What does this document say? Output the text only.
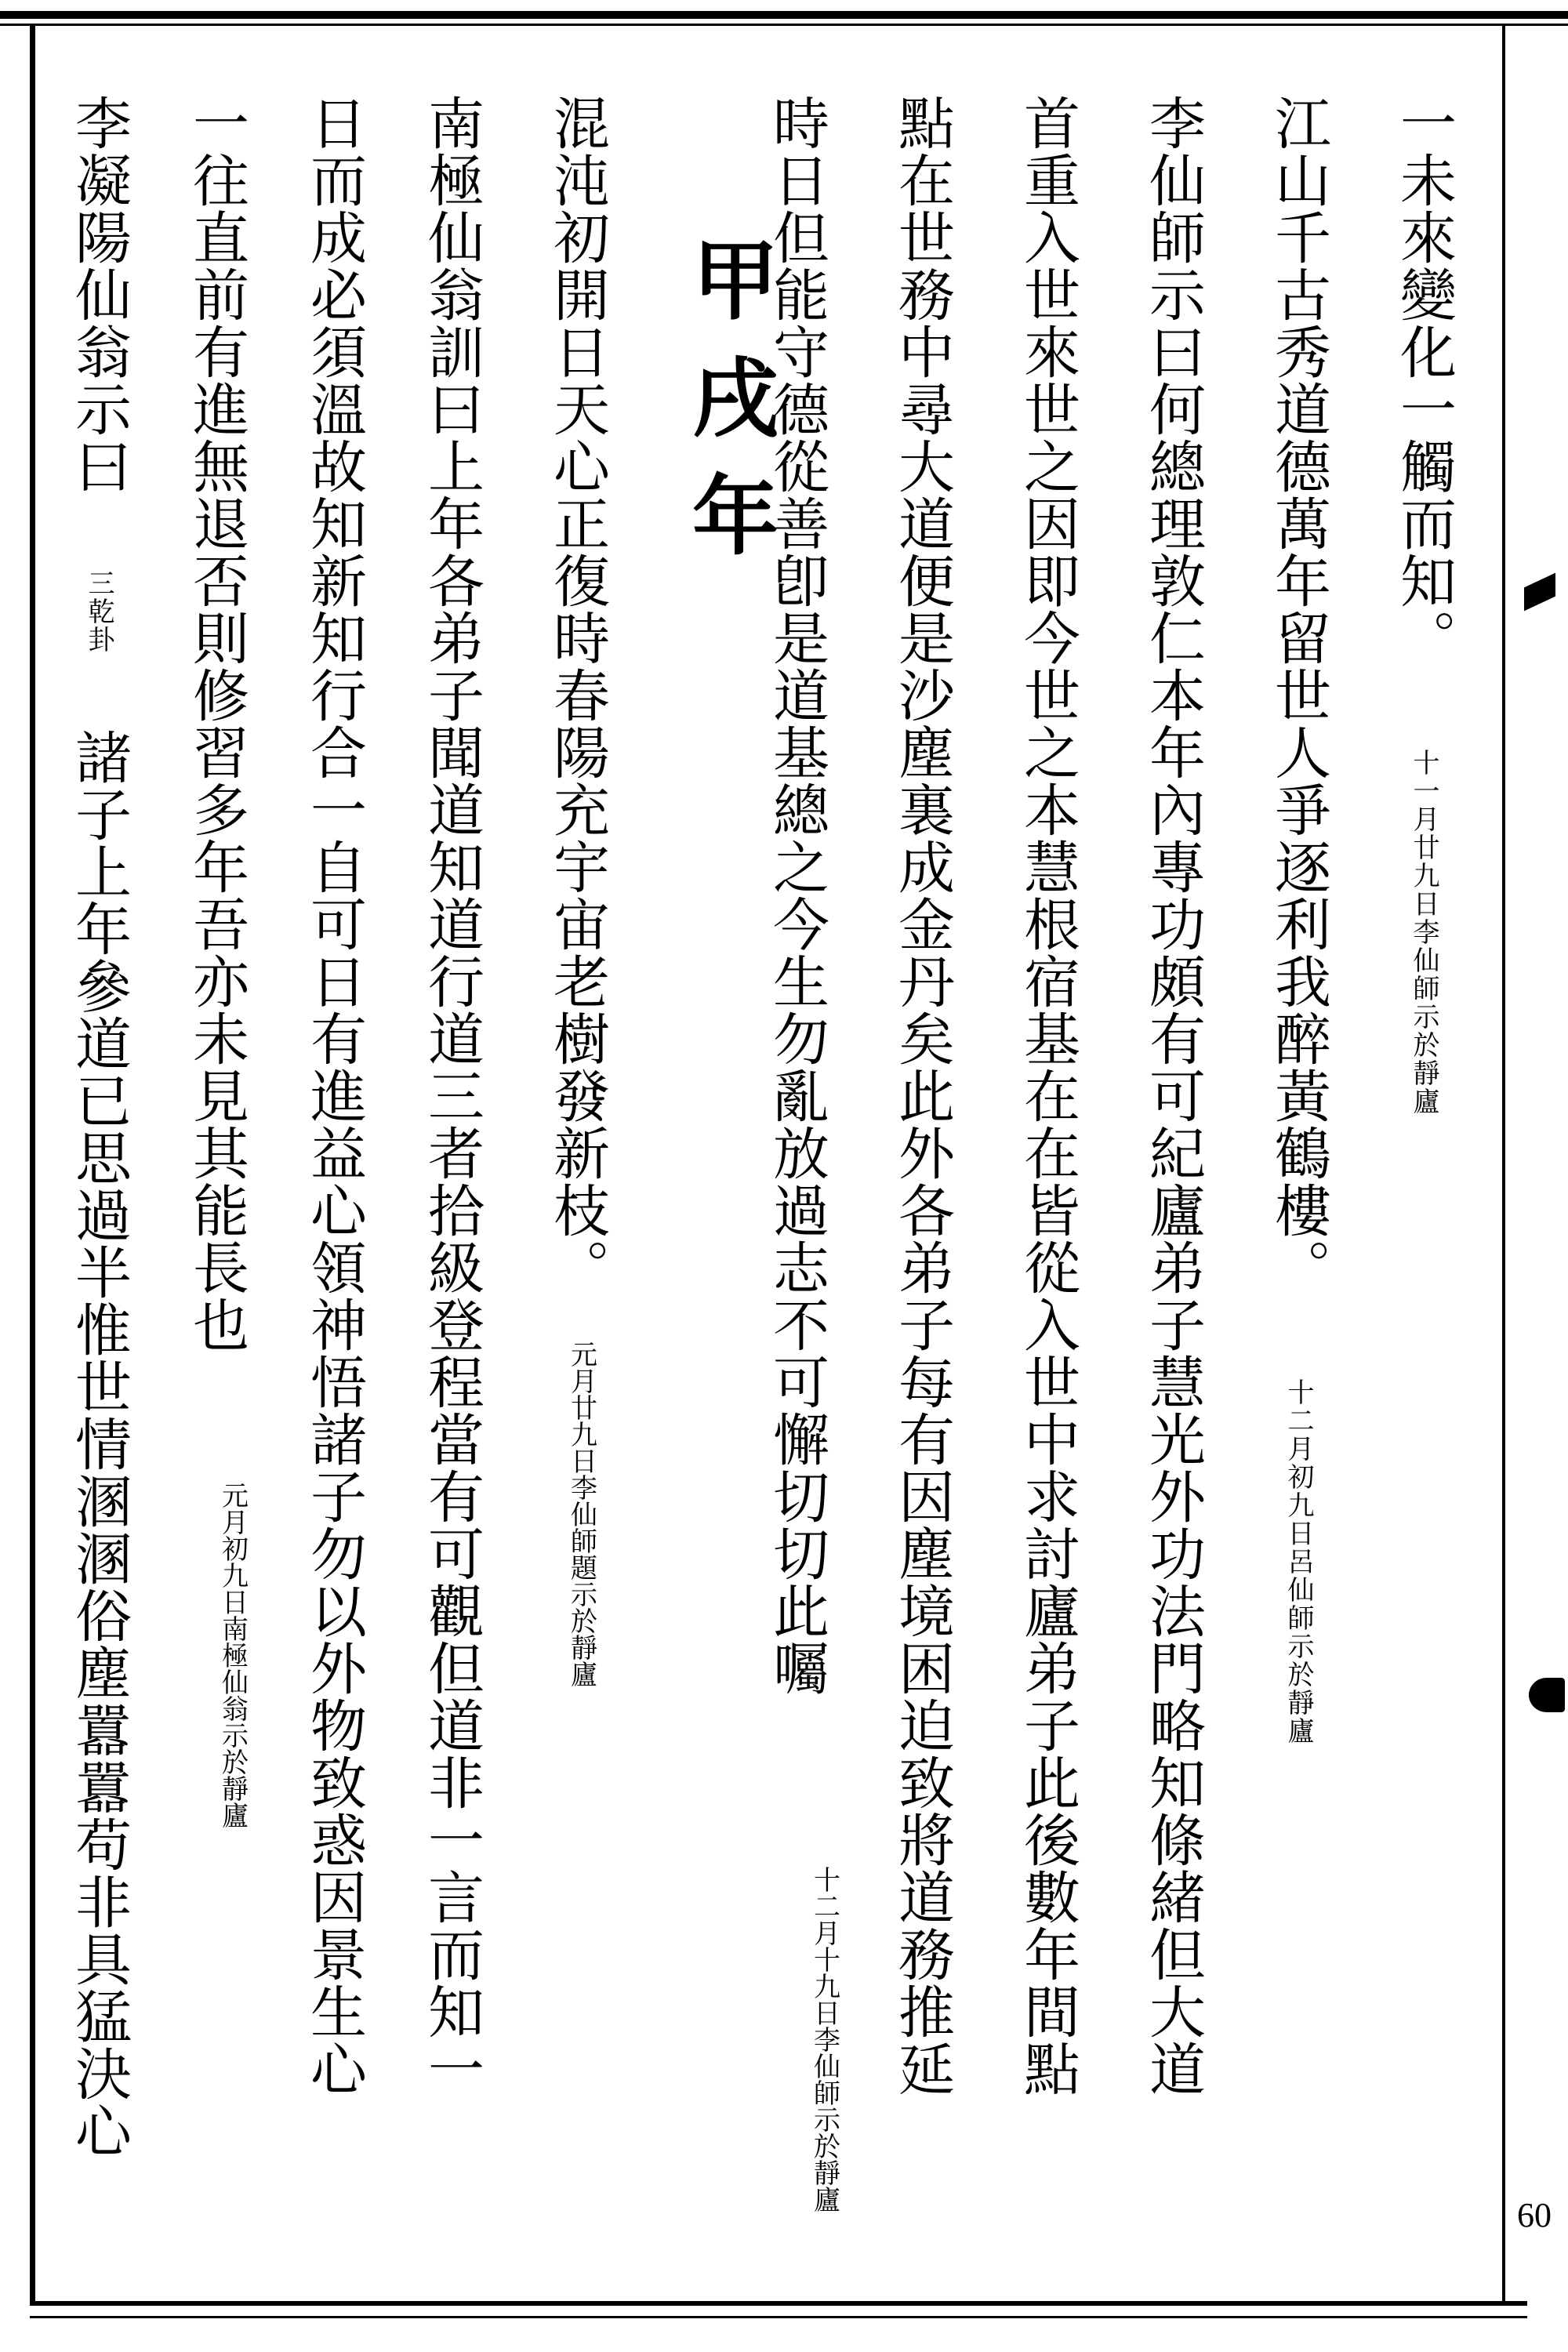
60
一未來變化一觸而知。 十一月廿九日李仙師示於靜廬
江山千古秀道德萬年留世人爭逐利我醉黃鶴樓。 十二月初九日呂仙師示於靜廬
李仙師示曰何總理敦仁本年內專功頗有可紀廬弟子慧光外功法門略知條緒但大道
首重入世來世之因即今世之本慧根宿基在在皆從入世中求討廬弟子此後數年間點
點在世務中尋大道便是沙塵裏成金丹矣此外各弟子每有因塵境困迫致將道務推延
時日但能守德從善卽是道基總之今生勿亂放過志不可懈切切此囑
十二月十九日李仙師示於靜廬
甲戌年
混沌初開日天心正復時春陽充宇宙老樹發新枝。
元月廿九日李仙師題示於靜廬
南極仙翁訓曰上年各弟子聞道知道行道三者拾級登程當有可觀但道非一言而知一
日而成必須溫故知新知行合一自可日有進益心領神悟諸子勿以外物致惑因景生心
一往直前有進無退否則修習多年吾亦未見其能長也
元月初九日南極仙翁示於靜廬
李凝陽仙翁示曰 三乾卦 諸子上年參道已思過半惟世情溷溷俗塵囂囂苟非具猛決心
